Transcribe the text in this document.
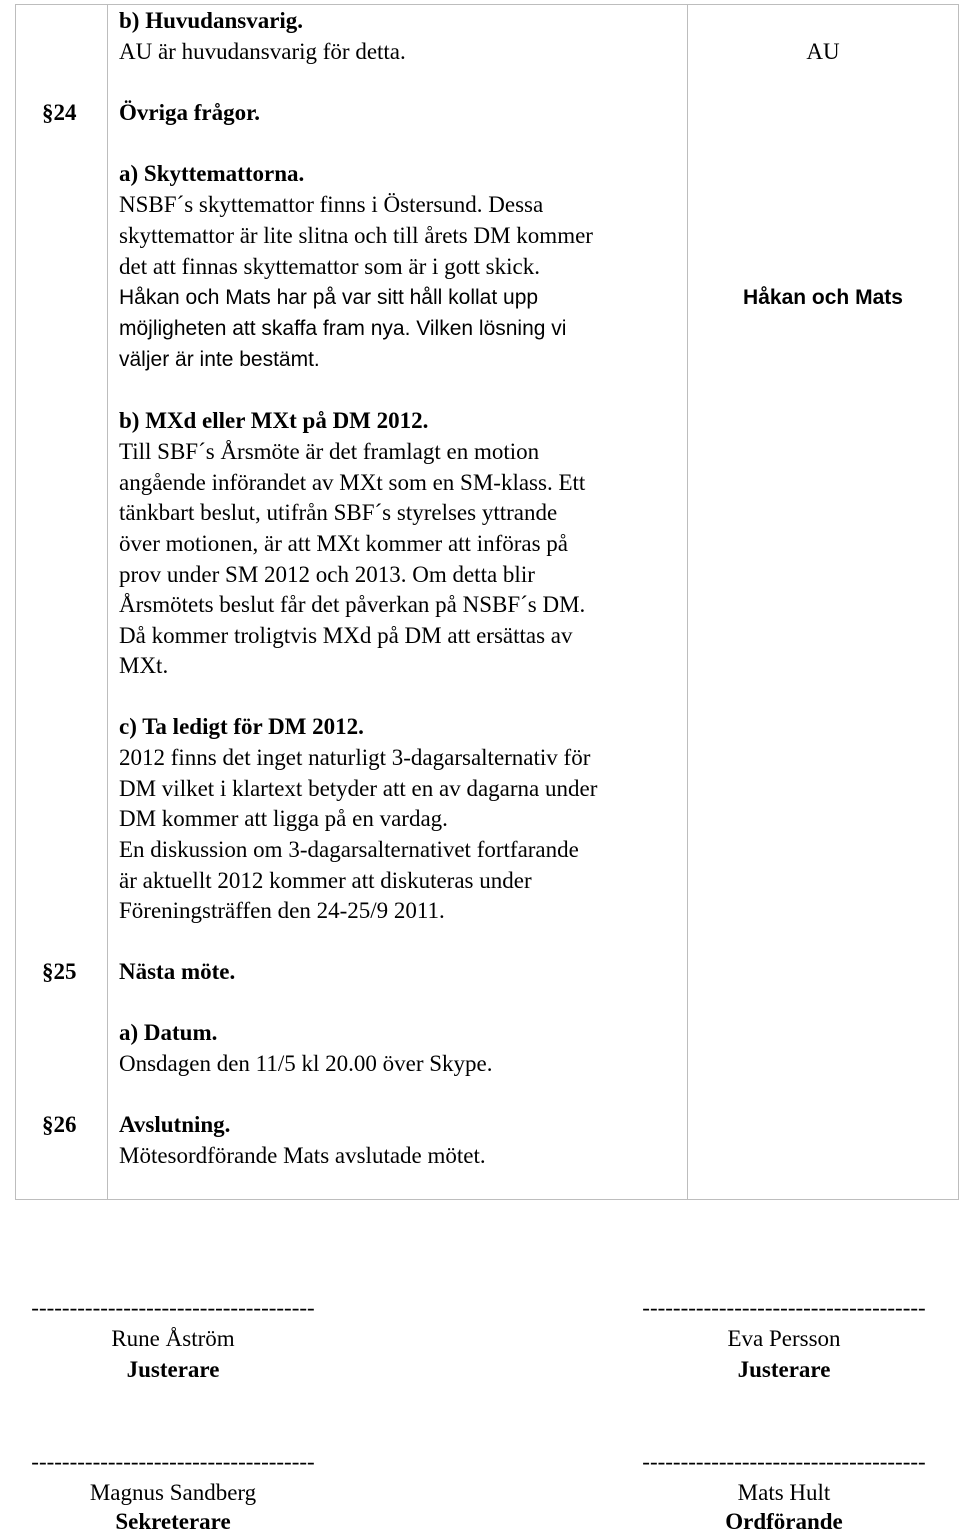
b) Huvudansvarig.
AU är huvudansvarig för detta.	AU
§24 Övriga frågor.
a) Skyttemattorna.
NSBF´s skyttemattor finns i Östersund. Dessa
skyttemattor är lite slitna och till årets DM kommer
det att finnas skyttemattor som är i gott skick.
Håkan och Mats har på var sitt håll kollat upp
möjligheten att skaffa fram nya. Vilken lösning vi
väljer är inte bestämt.
Håkan och Mats
b) MXd eller MXt på DM 2012.
Till SBF´s Årsmöte är det framlagt en motion
angående införandet av MXt som en SM-klass. Ett
tänkbart beslut, utifrån SBF´s styrelses yttrande
över motionen, är att MXt kommer att införas på
prov under SM 2012 och 2013. Om detta blir
Årsmötets beslut får det påverkan på NSBF´s DM.
Då kommer troligtvis MXd på DM att ersättas av
MXt.
c) Ta ledigt för DM 2012.
2012 finns det inget naturligt 3-dagarsalternativ för
DM vilket i klartext betyder att en av dagarna under
DM kommer att ligga på en vardag.
En diskussion om 3-dagarsalternativet fortfarande
är aktuellt 2012 kommer att diskuteras under
Föreningsträffen den 24-25/9 2011.
§25 Nästa möte.
a) Datum.
Onsdagen den 11/5 kl 20.00 över Skype.
§26 Avslutning.
Mötesordförande Mats avslutade mötet.
-------------------------------------
Rune Åström
Justerare
-------------------------------------
Eva Persson
Justerare
-------------------------------------
Magnus Sandberg
Sekreterare
-------------------------------------
Mats Hult
Ordförande
